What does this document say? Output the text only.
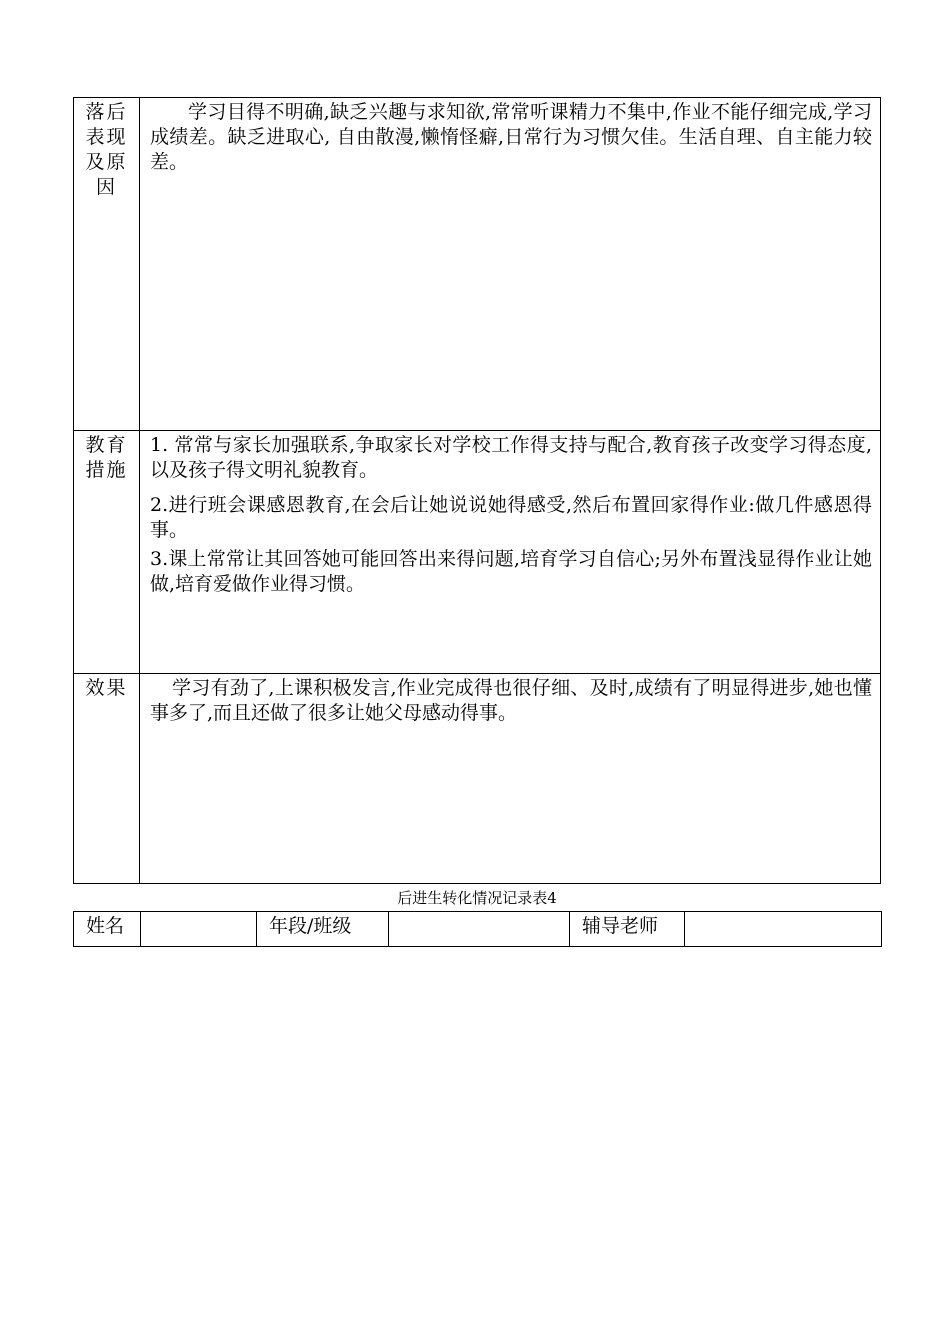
落后表现及原因	学习目得不明确,缺乏兴趣与求知欲,常常听课精力不集中,作业不能仔细完成,学习成绩差。缺乏进取心, 自由散漫,懒惰怪癖,日常行为习惯欠佳。生活自理、自主能力较差。

教育措施	1. 常常与家长加强联系,争取家长对学校工作得支持与配合,教育孩子改变学习得态度,以及孩子得文明礼貌教育。

2.进行班会课感恩教育,在会后让她说说她得感受,然后布置回家得作业:做几件感恩得事。

3.课上常常让其回答她可能回答出来得问题,培育学习自信心;另外布置浅显得作业让她做,培育爱做作业得习惯。

效果	学习有劲了,上课积极发言,作业完成得也很仔细、及时,成绩有了明显得进步,她也懂事多了,而且还做了很多让她父母感动得事。

后进生转化情况记录表4
姓名		年段/班级		辅导老师	
